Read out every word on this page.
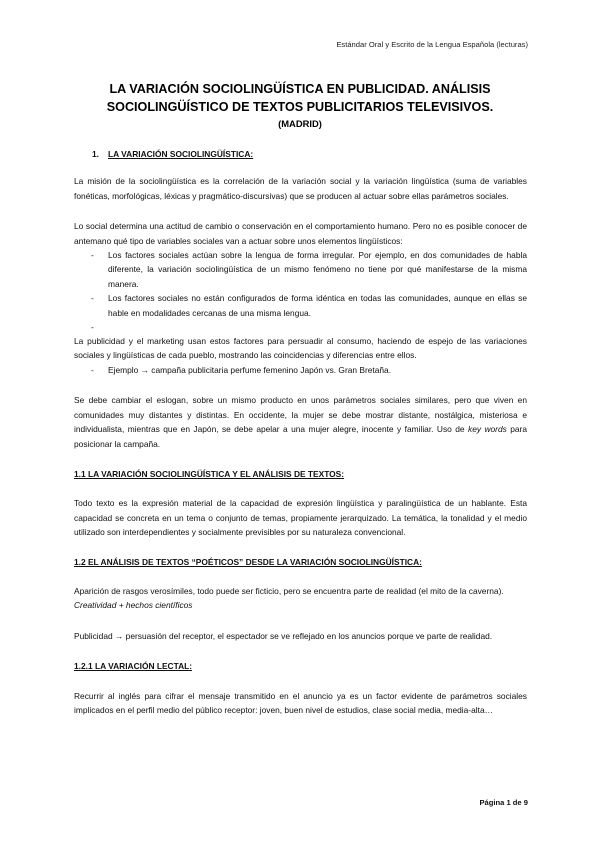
Estándar Oral y Escrito de la Lengua Española (lecturas)
LA VARIACIÓN SOCIOLINGÜÍSTICA EN PUBLICIDAD. ANÁLISIS
SOCIOLINGÜÍSTICO DE TEXTOS PUBLICITARIOS TELEVISIVOS.
(MADRID)

1. LA VARIACIÓN SOCIOLINGÜÍSTICA:

La misión de la sociolingüística es la correlación de la variación social y la variación lingüística (suma de variables fonéticas, morfológicas, léxicas y pragmático-discursivas) que se producen al actuar sobre ellas parámetros sociales.

Lo social determina una actitud de cambio o conservación en el comportamiento humano. Pero no es posible conocer de antemano qué tipo de variables sociales van a actuar sobre unos elementos lingüísticos:

- Los factores sociales actúan sobre la lengua de forma irregular. Por ejemplo, en dos comunidades de habla diferente, la variación sociolingüística de un mismo fenómeno no tiene por qué manifestarse de la misma manera.
- Los factores sociales no están configurados de forma idéntica en todas las comunidades, aunque en ellas se hable en modalidades cercanas de una misma lengua.
-

La publicidad y el marketing usan estos factores para persuadir al consumo, haciendo de espejo de las variaciones sociales y lingüísticas de cada pueblo, mostrando las coincidencias y diferencias entre ellos.

- Ejemplo → campaña publicitaria perfume femenino Japón vs. Gran Bretaña.

Se debe cambiar el eslogan, sobre un mismo producto en unos parámetros sociales similares, pero que viven en comunidades muy distantes y distintas. En occidente, la mujer se debe mostrar distante, nostálgica, misteriosa e individualista, mientras que en Japón, se debe apelar a una mujer alegre, inocente y familiar. Uso de key words para posicionar la campaña.

1.1 LA VARIACIÓN SOCIOLINGÜÍSTICA Y EL ANÁLISIS DE TEXTOS:

Todo texto es la expresión material de la capacidad de expresión lingüística y paralingüística de un hablante. Esta capacidad se concreta en un tema o conjunto de temas, propiamente jerarquizado. La temática, la tonalidad y el medio utilizado son interdependientes y socialmente previsibles por su naturaleza convencional.

1.2 EL ANÁLISIS DE TEXTOS “POÉTICOS” DESDE LA VARIACIÓN SOCIOLINGÜÍSTICA:

Aparición de rasgos verosímiles, todo puede ser ficticio, pero se encuentra parte de realidad (el mito de la caverna).

Creatividad + hechos científicos

Publicidad → persuasión del receptor, el espectador se ve reflejado en los anuncios porque ve parte de realidad.

1.2.1 LA VARIACIÓN LECTAL:

Recurrir al inglés para cifrar el mensaje transmitido en el anuncio ya es un factor evidente de parámetros sociales implicados en el perfil medio del público receptor: joven, buen nivel de estudios, clase social media, media-alta…

Página 1 de 9
